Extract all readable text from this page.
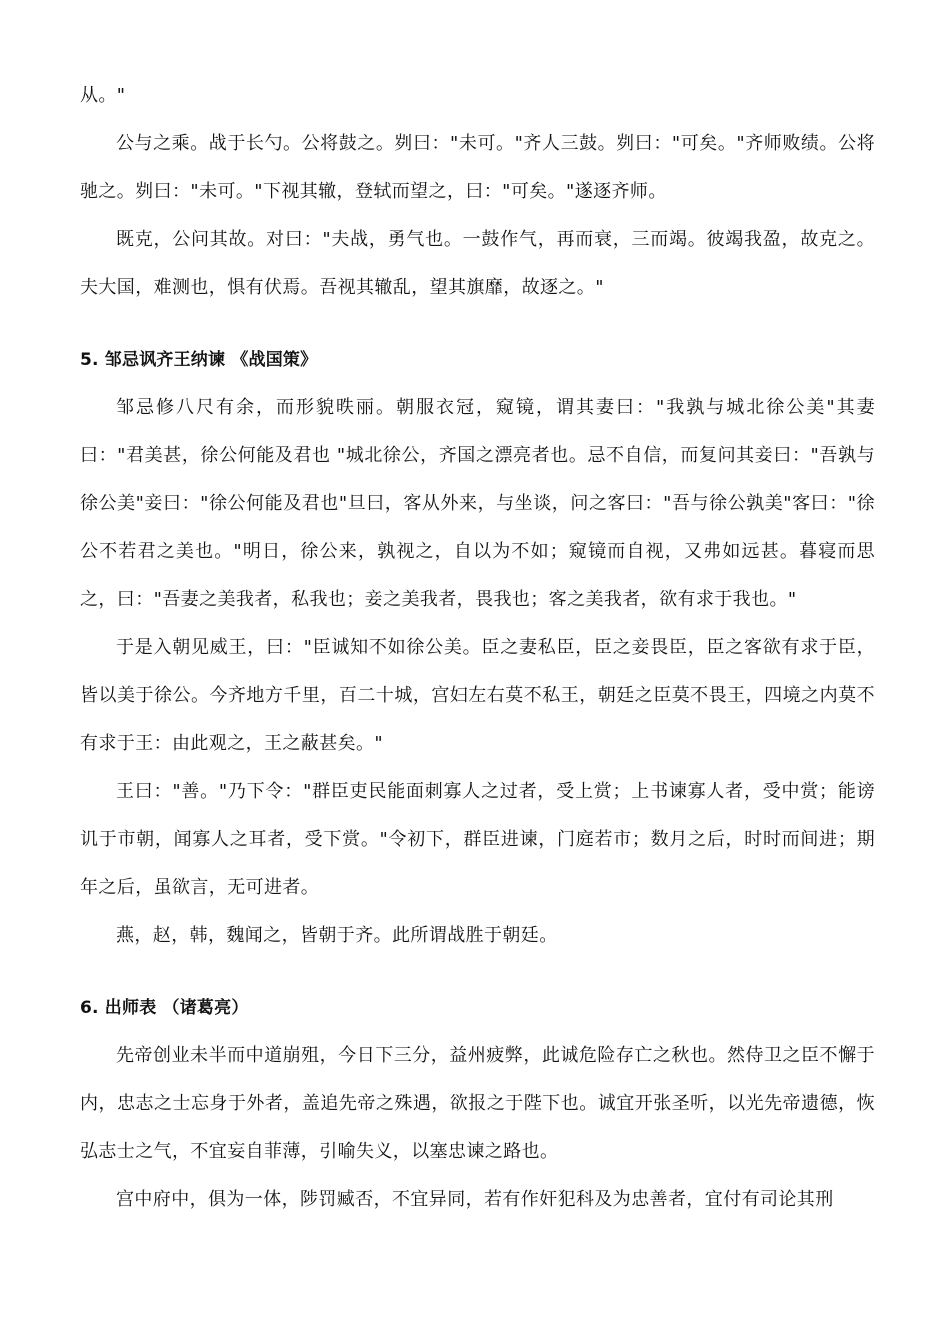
从。"

公与之乘。战于长勺。公将鼓之。刿曰："未可。"齐人三鼓。刿曰："可矣。"齐师败绩。公将驰之。刿曰："未可。"下视其辙，登轼而望之，曰："可矣。"遂逐齐师。

既克，公问其故。对曰："夫战，勇气也。一鼓作气，再而衰，三而竭。彼竭我盈，故克之。夫大国，难测也，惧有伏焉。吾视其辙乱，望其旗靡，故逐之。"

5. 邹忌讽齐王纳谏 《战国策》

邹忌修八尺有余，而形貌昳丽。朝服衣冠，窥镜，谓其妻曰："我孰与城北徐公美"其妻曰："君美甚，徐公何能及君也 "城北徐公，齐国之漂亮者也。忌不自信，而复问其妾曰："吾孰与徐公美"妾曰："徐公何能及君也"旦曰，客从外来，与坐谈，问之客曰："吾与徐公孰美"客曰："徐公不若君之美也。"明日，徐公来，孰视之，自以为不如；窥镜而自视，又弗如远甚。暮寝而思之，曰："吾妻之美我者，私我也；妾之美我者，畏我也；客之美我者，欲有求于我也。"

于是入朝见威王，曰："臣诚知不如徐公美。臣之妻私臣，臣之妾畏臣，臣之客欲有求于臣，皆以美于徐公。今齐地方千里，百二十城，宫妇左右莫不私王，朝廷之臣莫不畏王，四境之内莫不有求于王：由此观之，王之蔽甚矣。"

王曰："善。"乃下令："群臣吏民能面刺寡人之过者，受上赏；上书谏寡人者，受中赏；能谤讥于市朝，闻寡人之耳者，受下赏。"令初下，群臣进谏，门庭若市；数月之后，时时而间进；期年之后，虽欲言，无可进者。

燕，赵，韩，魏闻之，皆朝于齐。此所谓战胜于朝廷。

6. 出师表 （诸葛亮）

先帝创业未半而中道崩殂，今日下三分，益州疲弊，此诚危险存亡之秋也。然侍卫之臣不懈于内，忠志之士忘身于外者，盖追先帝之殊遇，欲报之于陛下也。诚宜开张圣听，以光先帝遗德，恢弘志士之气，不宜妄自菲薄，引喻失义，以塞忠谏之路也。

宫中府中，俱为一体，陟罚臧否，不宜异同，若有作奸犯科及为忠善者，宜付有司论其刑
